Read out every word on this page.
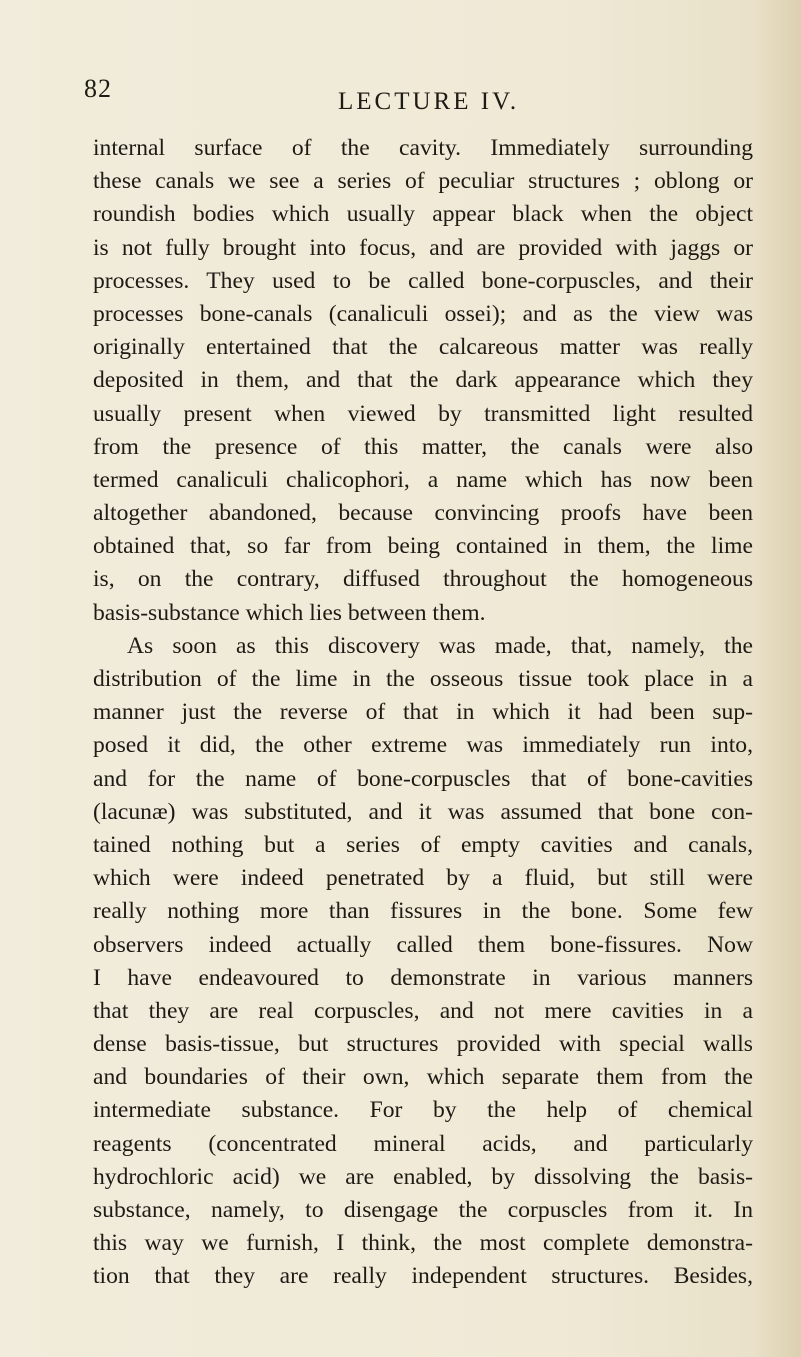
82	LECTURE IV.
internal surface of the cavity. Immediately surrounding
these canals we see a series of peculiar structures ; oblong or
roundish bodies which usually appear black when the object
is not fully brought into focus, and are provided with jaggs or
processes. They used to be called bone-corpuscles, and their
processes bone-canals (canaliculi ossei); and as the view was
originally entertained that the calcareous matter was really
deposited in them, and that the dark appearance which they
usually present when viewed by transmitted light resulted
from the presence of this matter, the canals were also
termed canaliculi chalicophori, a name which has now been
altogether abandoned, because convincing proofs have been
obtained that, so far from being contained in them, the lime
is, on the contrary, diffused throughout the homogeneous
basis-substance which lies between them.
As soon as this discovery was made, that, namely, the
distribution of the lime in the osseous tissue took place in a
manner just the reverse of that in which it had been sup-
posed it did, the other extreme was immediately run into,
and for the name of bone-corpuscles that of bone-cavities
(lacunæ) was substituted, and it was assumed that bone con-
tained nothing but a series of empty cavities and canals,
which were indeed penetrated by a fluid, but still were
really nothing more than fissures in the bone. Some few
observers indeed actually called them bone-fissures. Now
I have endeavoured to demonstrate in various manners
that they are real corpuscles, and not mere cavities in a
dense basis-tissue, but structures provided with special walls
and boundaries of their own, which separate them from the
intermediate substance. For by the help of chemical
reagents (concentrated mineral acids, and particularly
hydrochloric acid) we are enabled, by dissolving the basis-
substance, namely, to disengage the corpuscles from it. In
this way we furnish, I think, the most complete demonstra-
tion that they are really independent structures. Besides,
